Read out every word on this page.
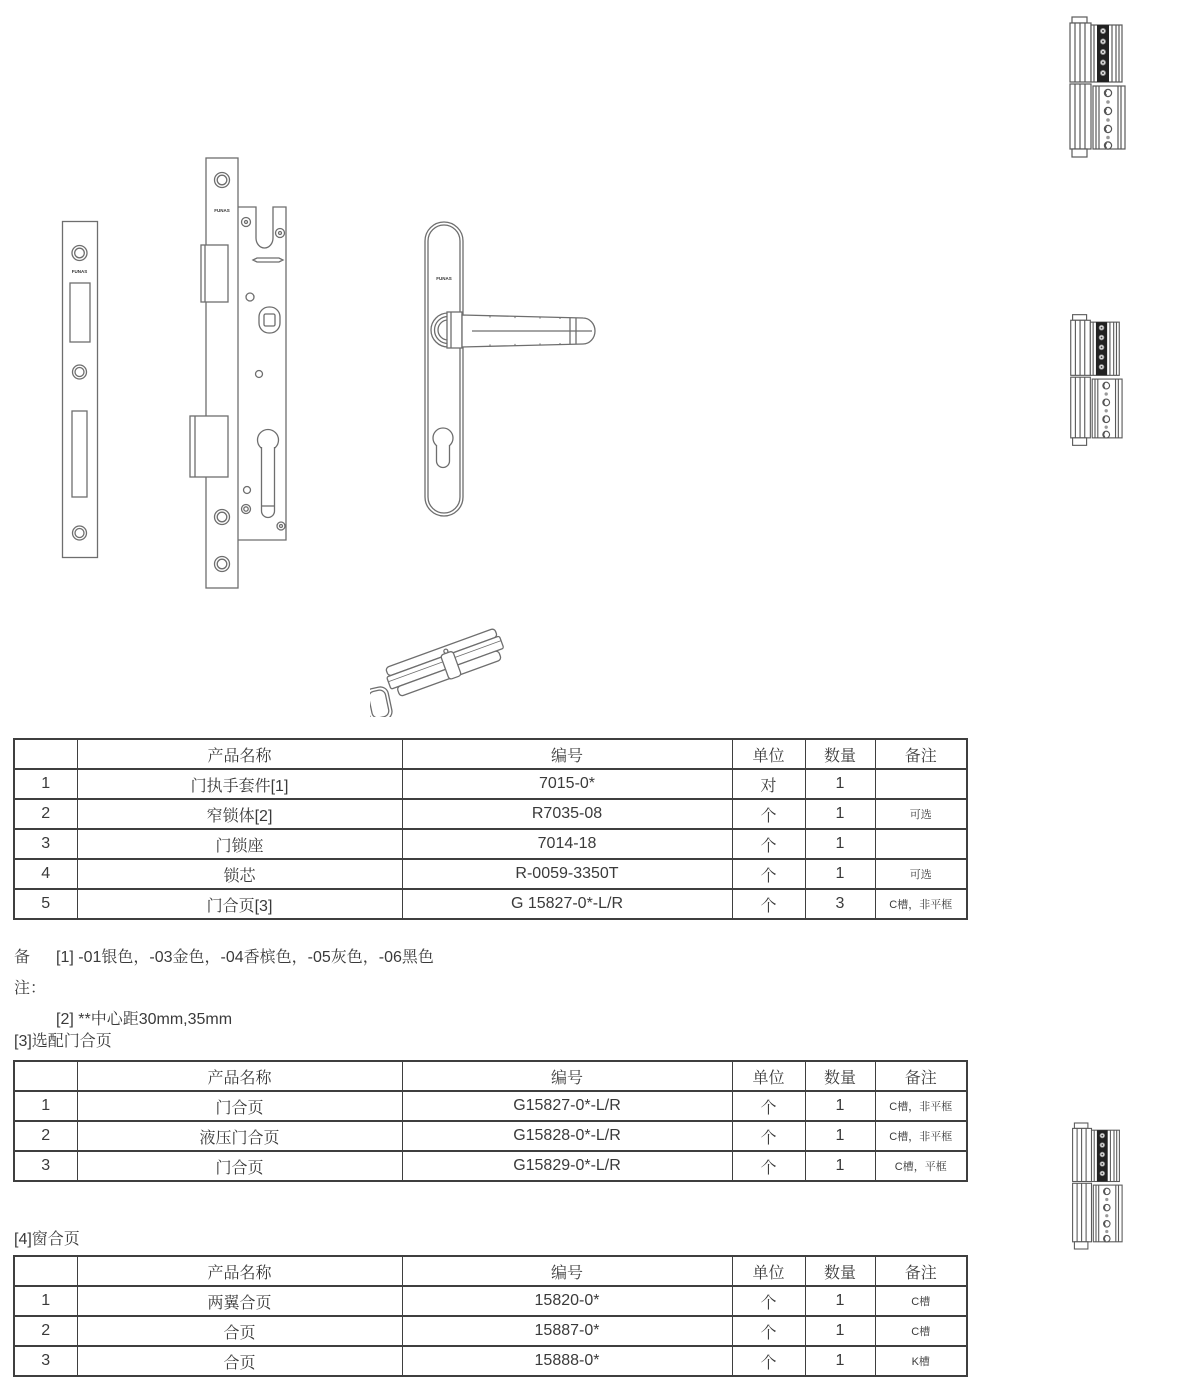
FUNAS
FUNAS
FUNAS
	产品名称	编号	单位	数量	备注
1	门执手套件[1]	7015-0*	对	1	
2	窄锁体[2]	R7035-08	个	1	可选
3	门锁座	7014-18	个	1	
4	锁芯	R-0059-3350T	个	1	可选
5	门合页[3]	G 15827-0*-L/R	个	3	C槽，非平框
备注：
[1] -01银色，-03金色，-04香槟色，-05灰色，-06黑色
[2] **中心距30mm,35mm
[3]选配门合页
	产品名称	编号	单位	数量	备注
1	门合页	G15827-0*-L/R	个	1	C槽，非平框
2	液压门合页	G15828-0*-L/R	个	1	C槽，非平框
3	门合页	G15829-0*-L/R	个	1	C槽，平框
[4]窗合页
	产品名称	编号	单位	数量	备注
1	两翼合页	15820-0*	个	1	C槽
2	合页	15887-0*	个	1	C槽
3	合页	15888-0*	个	1	K槽
